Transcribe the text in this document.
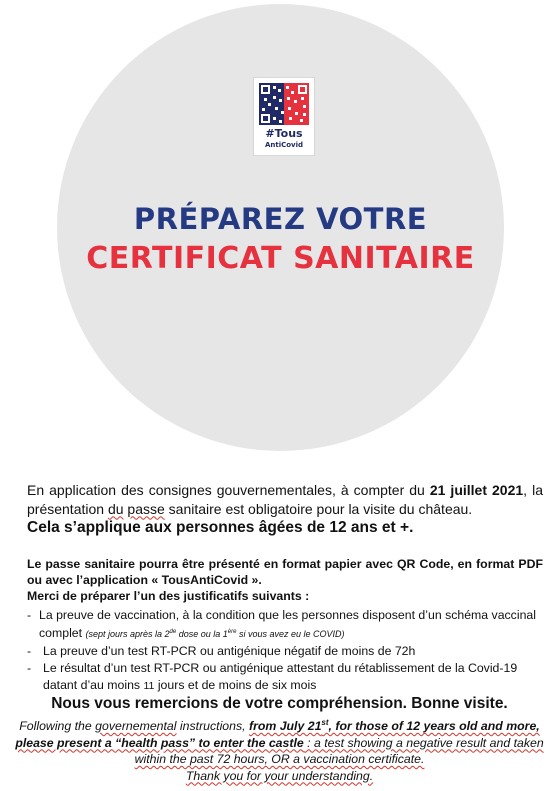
#Tous
AntiCovid
PRÉPAREZ VOTRE
CERTIFICAT SANITAIRE
En application des consignes gouvernementales, à compter du 21 juillet 2021, la présentation du passe sanitaire est obligatoire pour la visite du château.
Cela s’applique aux personnes âgées de 12 ans et +.
Le passe sanitaire pourra être présenté en format papier avec QR Code, en format PDF ou avec l’application « TousAntiCovid ».
Merci de préparer l’un des justificatifs suivants :
- La preuve de vaccination, à la condition que les personnes disposent d’un schéma vaccinal complet (sept jours après la 2de dose ou la 1ère si vous avez eu le COVID)
- La preuve d’un test RT-PCR ou antigénique négatif de moins de 72h
- Le résultat d’un test RT-PCR ou antigénique attestant du rétablissement de la Covid-19 datant d’au moins 11 jours et de moins de six mois
Nous vous remercions de votre compréhension. Bonne visite.
Following the governemental instructions, from July 21st, for those of 12 years old and more, please present a “health pass” to enter the castle : a test showing a negative result and taken within the past 72 hours, OR a vaccination certificate.
Thank you for your understanding.
